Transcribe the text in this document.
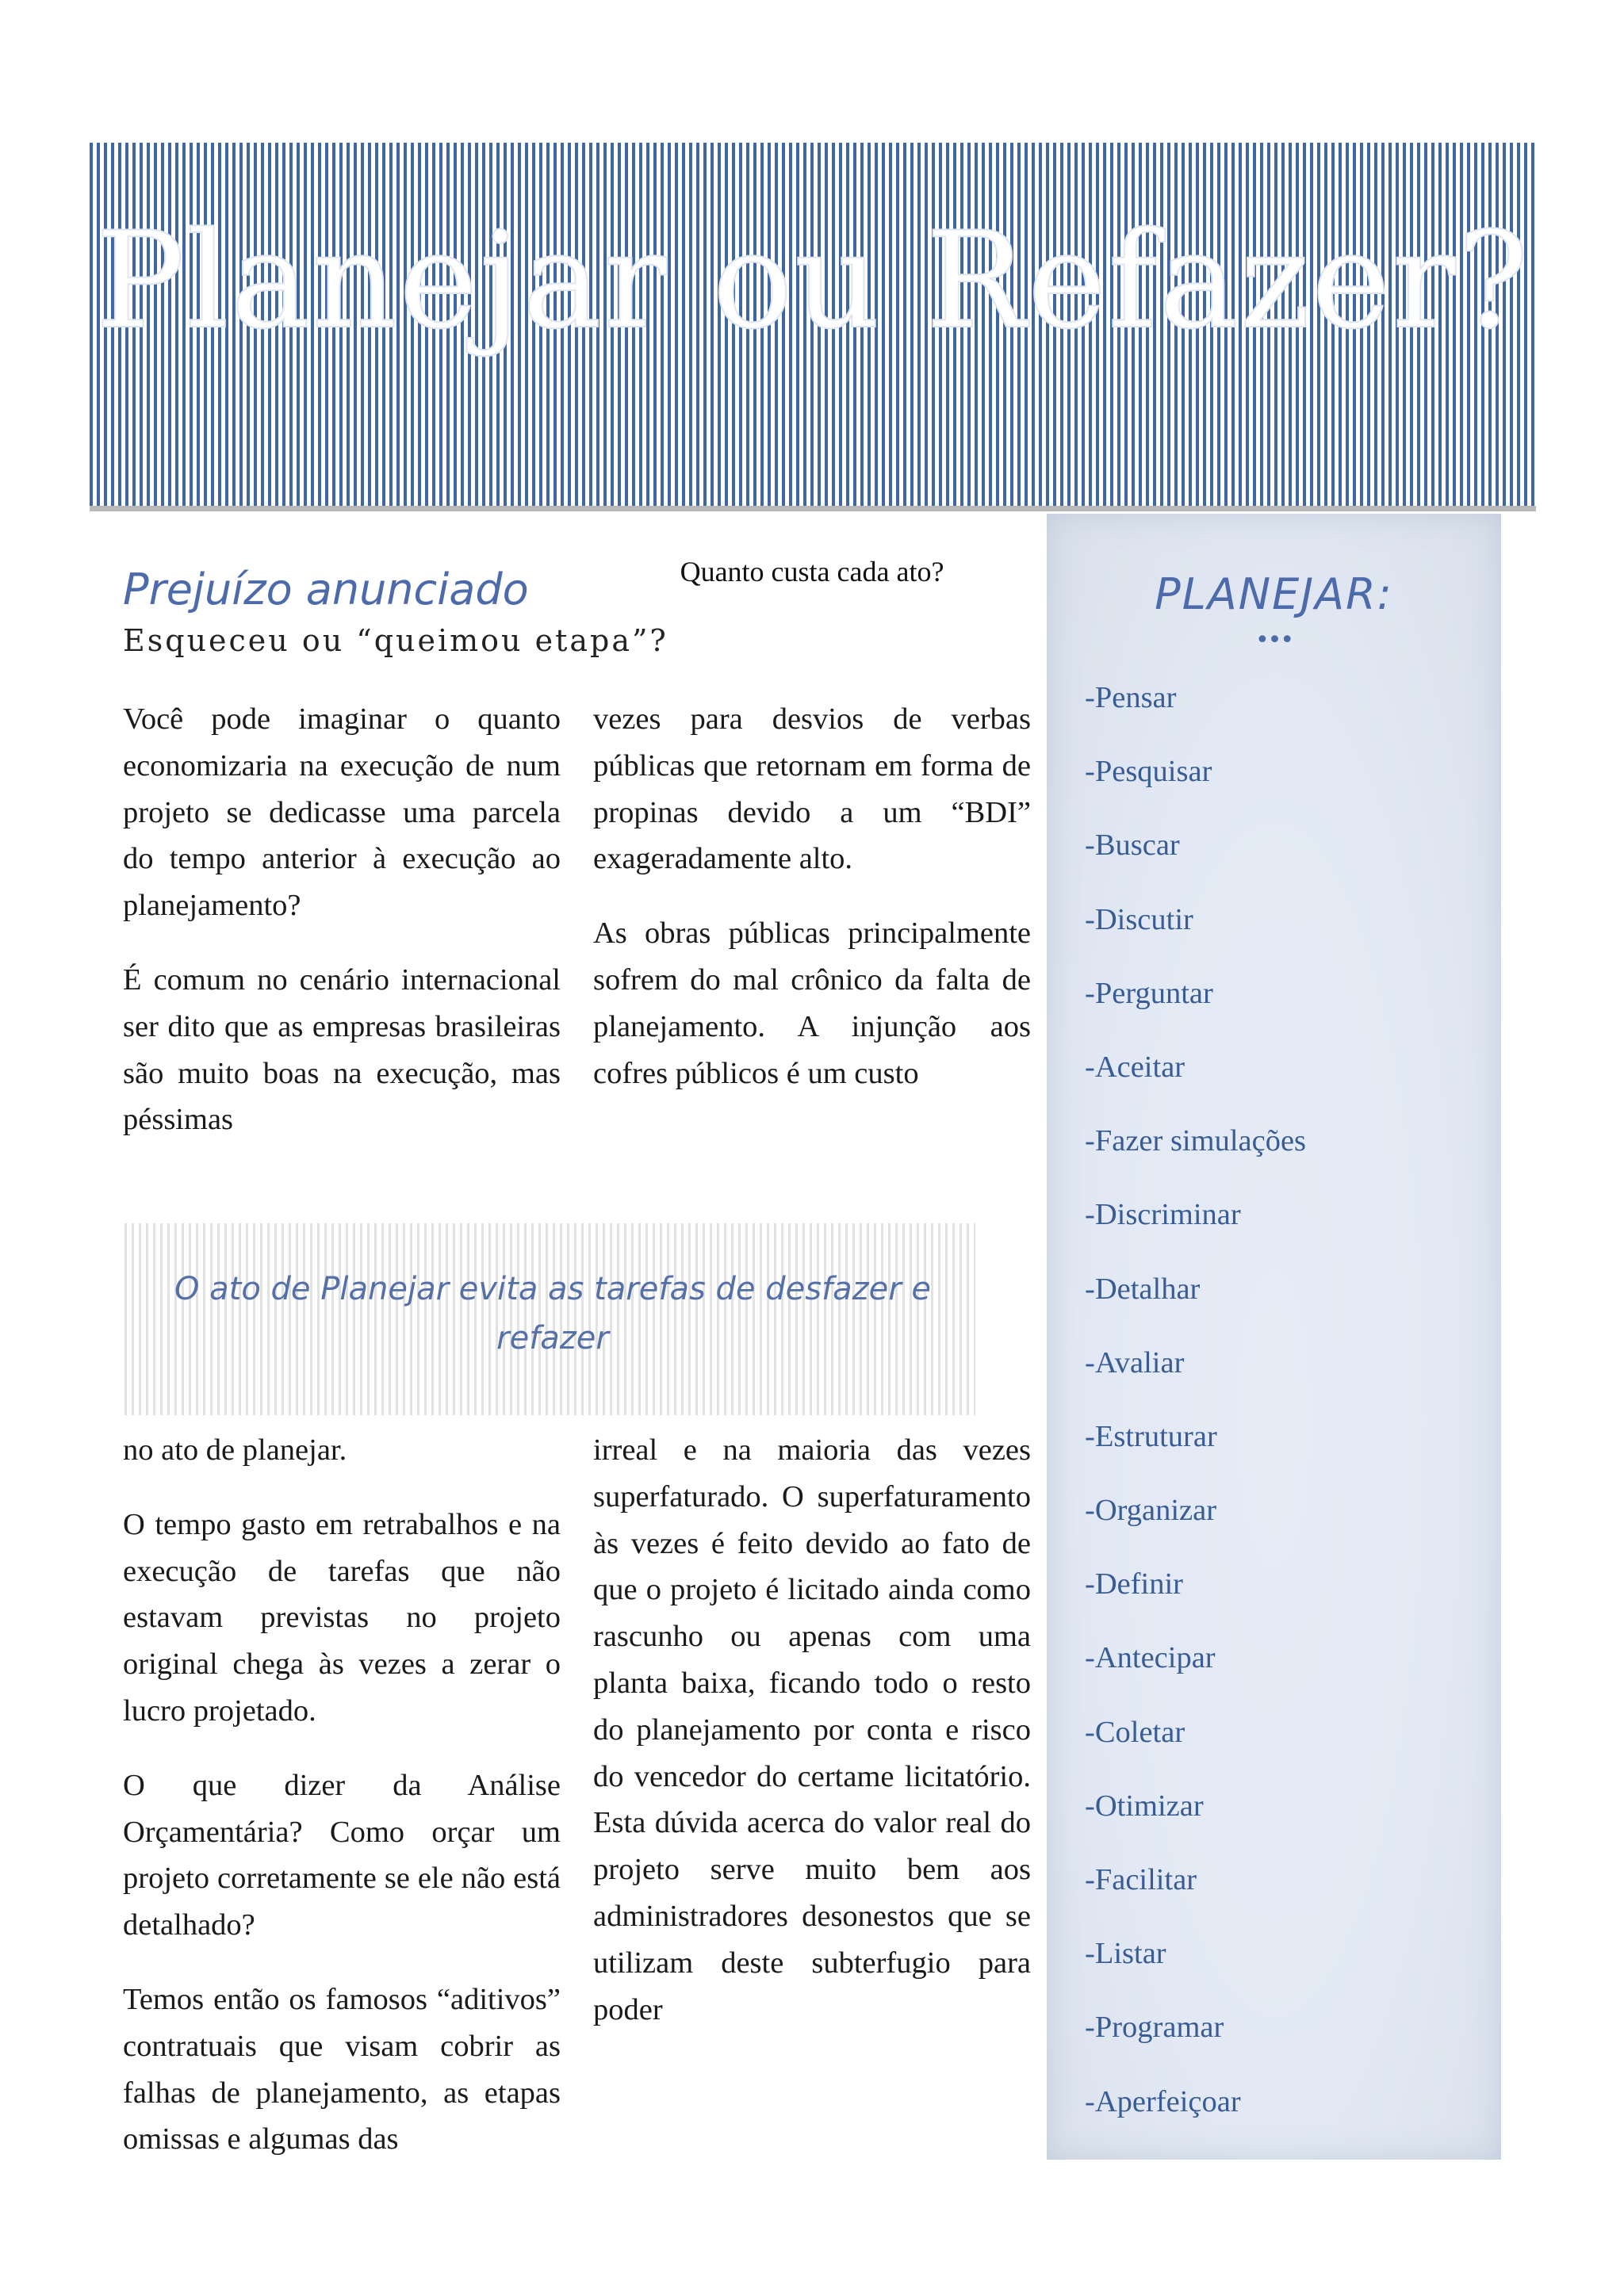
Planejar ou Refazer?
Quanto custa cada ato?
Prejuízo anunciado
Esqueceu ou “queimou etapa”?

Você pode imaginar o quanto economizaria na execução de num projeto se dedicasse uma parcela do tempo anterior à execução ao planejamento?

É comum no cenário internacional ser dito que as empresas brasileiras são muito boas na execução, mas péssimas

vezes para desvios de verbas públicas que retornam em forma de propinas devido a um “BDI” exageradamente alto.

As obras públicas principalmente sofrem do mal crônico da falta de planejamento. A injunção aos cofres públicos é um custo

O ato de Planejar evita as tarefas de desfazer e refazer

no ato de planejar.

O tempo gasto em retrabalhos e na execução de tarefas que não estavam previstas no projeto original chega às vezes a zerar o lucro projetado.

O que dizer da Análise Orçamentária? Como orçar um projeto corretamente se ele não está detalhado?

Temos então os famosos “aditivos” contratuais que visam cobrir as falhas de planejamento, as etapas omissas e algumas das

irreal e na maioria das vezes superfaturado. O superfaturamento às vezes é feito devido ao fato de que o projeto é licitado ainda como rascunho ou apenas com uma planta baixa, ficando todo o resto do planejamento por conta e risco do vencedor do certame licitatório. Esta dúvida acerca do valor real do projeto serve muito bem aos administradores desonestos que se utilizam deste subterfugio para poder

PLANEJAR:
•••
-Pensar
-Pesquisar
-Buscar
-Discutir
-Perguntar
-Aceitar
-Fazer simulações
-Discriminar
-Detalhar
-Avaliar
-Estruturar
-Organizar
-Definir
-Antecipar
-Coletar
-Otimizar
-Facilitar
-Listar
-Programar
-Aperfeiçoar
